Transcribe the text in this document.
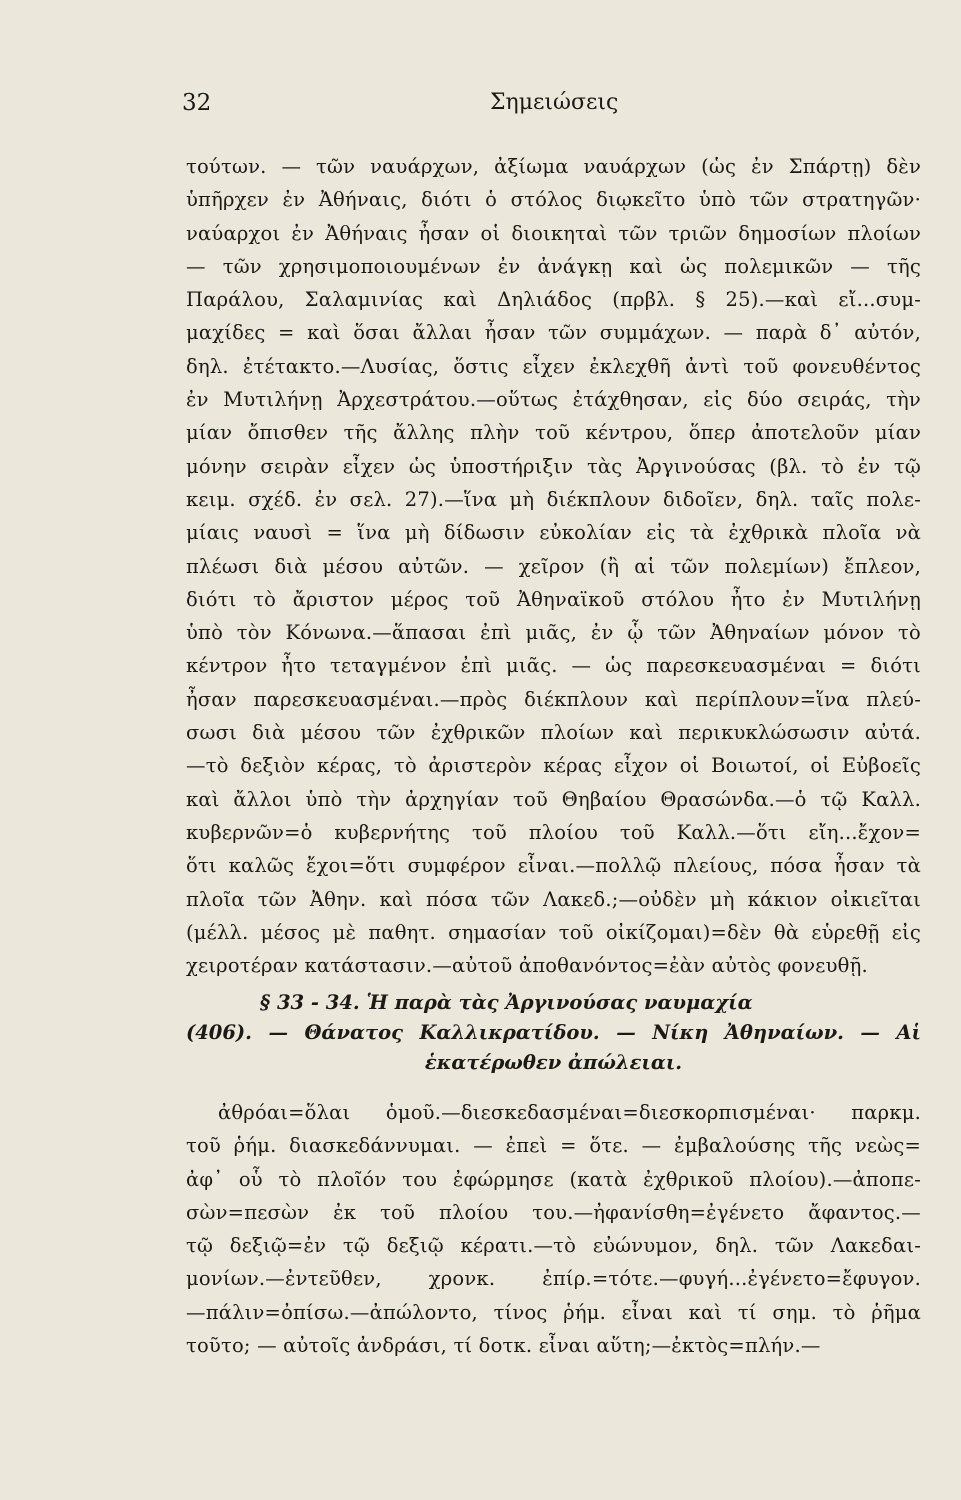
32	Σημειώσεις
τούτων. — τῶν ναυάρχων, ἀξίωμα ναυάρχων (ὡς ἐν Σπάρτῃ) δὲν
ὑπῆρχεν ἐν Ἀθήναις, διότι ὁ στόλος διῳκεῖτο ὑπὸ τῶν στρατηγῶν·
ναύαρχοι ἐν Ἀθήναις ἦσαν οἱ διοικηταὶ τῶν τριῶν δημοσίων πλοίων
— τῶν χρησιμοποιουμένων ἐν ἀνάγκῃ καὶ ὡς πολεμικῶν — τῆς
Παράλου, Σαλαμινίας καὶ Δηλιάδος (πρβλ. § 25).—καὶ εἴ...συμ-
μαχίδες = καὶ ὅσαι ἄλλαι ἦσαν τῶν συμμάχων. — παρὰ δ᾿ αὐτόν,
δηλ. ἐτέτακτο.—Λυσίας, ὅστις εἶχεν ἐκλεχθῆ ἀντὶ τοῦ φονευθέντος
ἐν Μυτιλήνῃ Ἀρχεστράτου.—οὕτως ἐτάχθησαν, εἰς δύο σειράς, τὴν
μίαν ὄπισθεν τῆς ἄλλης πλὴν τοῦ κέντρου, ὅπερ ἀποτελοῦν μίαν
μόνην σειρὰν εἶχεν ὡς ὑποστήριξιν τὰς Ἀργινούσας (βλ. τὸ ἐν τῷ
κειμ. σχέδ. ἐν σελ. 27).—ἵνα μὴ διέκπλουν διδοῖεν, δηλ. ταῖς πολε-
μίαις ναυσὶ = ἵνα μὴ δίδωσιν εὐκολίαν εἰς τὰ ἐχθρικὰ πλοῖα νὰ
πλέωσι διὰ μέσου αὐτῶν. — χεῖρον (ἢ αἱ τῶν πολεμίων) ἔπλεον,
διότι τὸ ἄριστον μέρος τοῦ Ἀθηναϊκοῦ στόλου ἦτο ἐν Μυτιλήνῃ
ὑπὸ τὸν Κόνωνα.—ἅπασαι ἐπὶ μιᾶς, ἐν ᾧ τῶν Ἀθηναίων μόνον τὸ
κέντρον ἦτο τεταγμένον ἐπὶ μιᾶς. — ὡς παρεσκευασμέναι = διότι
ἦσαν παρεσκευασμέναι.—πρὸς διέκπλουν καὶ περίπλουν=ἵνα πλεύ-
σωσι διὰ μέσου τῶν ἐχθρικῶν πλοίων καὶ περικυκλώσωσιν αὐτά.
—τὸ δεξιὸν κέρας, τὸ ἀριστερὸν κέρας εἶχον οἱ Βοιωτοί, οἱ Εὐβοεῖς
καὶ ἄλλοι ὑπὸ τὴν ἀρχηγίαν τοῦ Θηβαίου Θρασώνδα.—ὁ τῷ Καλλ.
κυβερνῶν=ὁ κυβερνήτης τοῦ πλοίου τοῦ Καλλ.—ὅτι εἴη...ἔχον=
ὅτι καλῶς ἔχοι=ὅτι συμφέρον εἶναι.—πολλῷ πλείους, πόσα ἦσαν τὰ
πλοῖα τῶν Ἀθην. καὶ πόσα τῶν Λακεδ.;—οὐδὲν μὴ κάκιον οἰκιεῖται
(μέλλ. μέσος μὲ παθητ. σημασίαν τοῦ οἰκίζομαι)=δὲν θὰ εὑρεθῇ εἰς
χειροτέραν κατάστασιν.—αὐτοῦ ἀποθανόντος=ἐὰν αὐτὸς φονευθῇ.
§ 33 - 34. Ἡ παρὰ τὰς Ἀργινούσας ναυμαχία
(406). — Θάνατος Καλλικρατίδου. — Νίκη Ἀθηναίων. — Αἱ
ἑκατέρωθεν ἀπώλειαι.
ἀθρόαι=ὅλαι ὁμοῦ.—διεσκεδασμέναι=διεσκορπισμέναι· παρκμ.
τοῦ ῥήμ. διασκεδάννυμαι. — ἐπεὶ = ὅτε. — ἐμβαλούσης τῆς νεὼς=
ἀφ᾿ οὗ τὸ πλοῖόν του ἐφώρμησε (κατὰ ἐχθρικοῦ πλοίου).—ἀποπε-
σὼν=πεσὼν ἐκ τοῦ πλοίου του.—ἠφανίσθη=ἐγένετο ἄφαντος.—
τῷ δεξιῷ=ἐν τῷ δεξιῷ κέρατι.—τὸ εὐώνυμον, δηλ. τῶν Λακεδαι-
μονίων.—ἐντεῦθεν, χρονκ. ἐπίρ.=τότε.—φυγή...ἐγένετο=ἔφυγον.
—πάλιν=ὀπίσω.—ἀπώλοντο, τίνος ῥήμ. εἶναι καὶ τί σημ. τὸ ῥῆμα
τοῦτο; — αὐτοῖς ἀνδράσι, τί δοτκ. εἶναι αὕτη;—ἐκτὸς=πλήν.—
